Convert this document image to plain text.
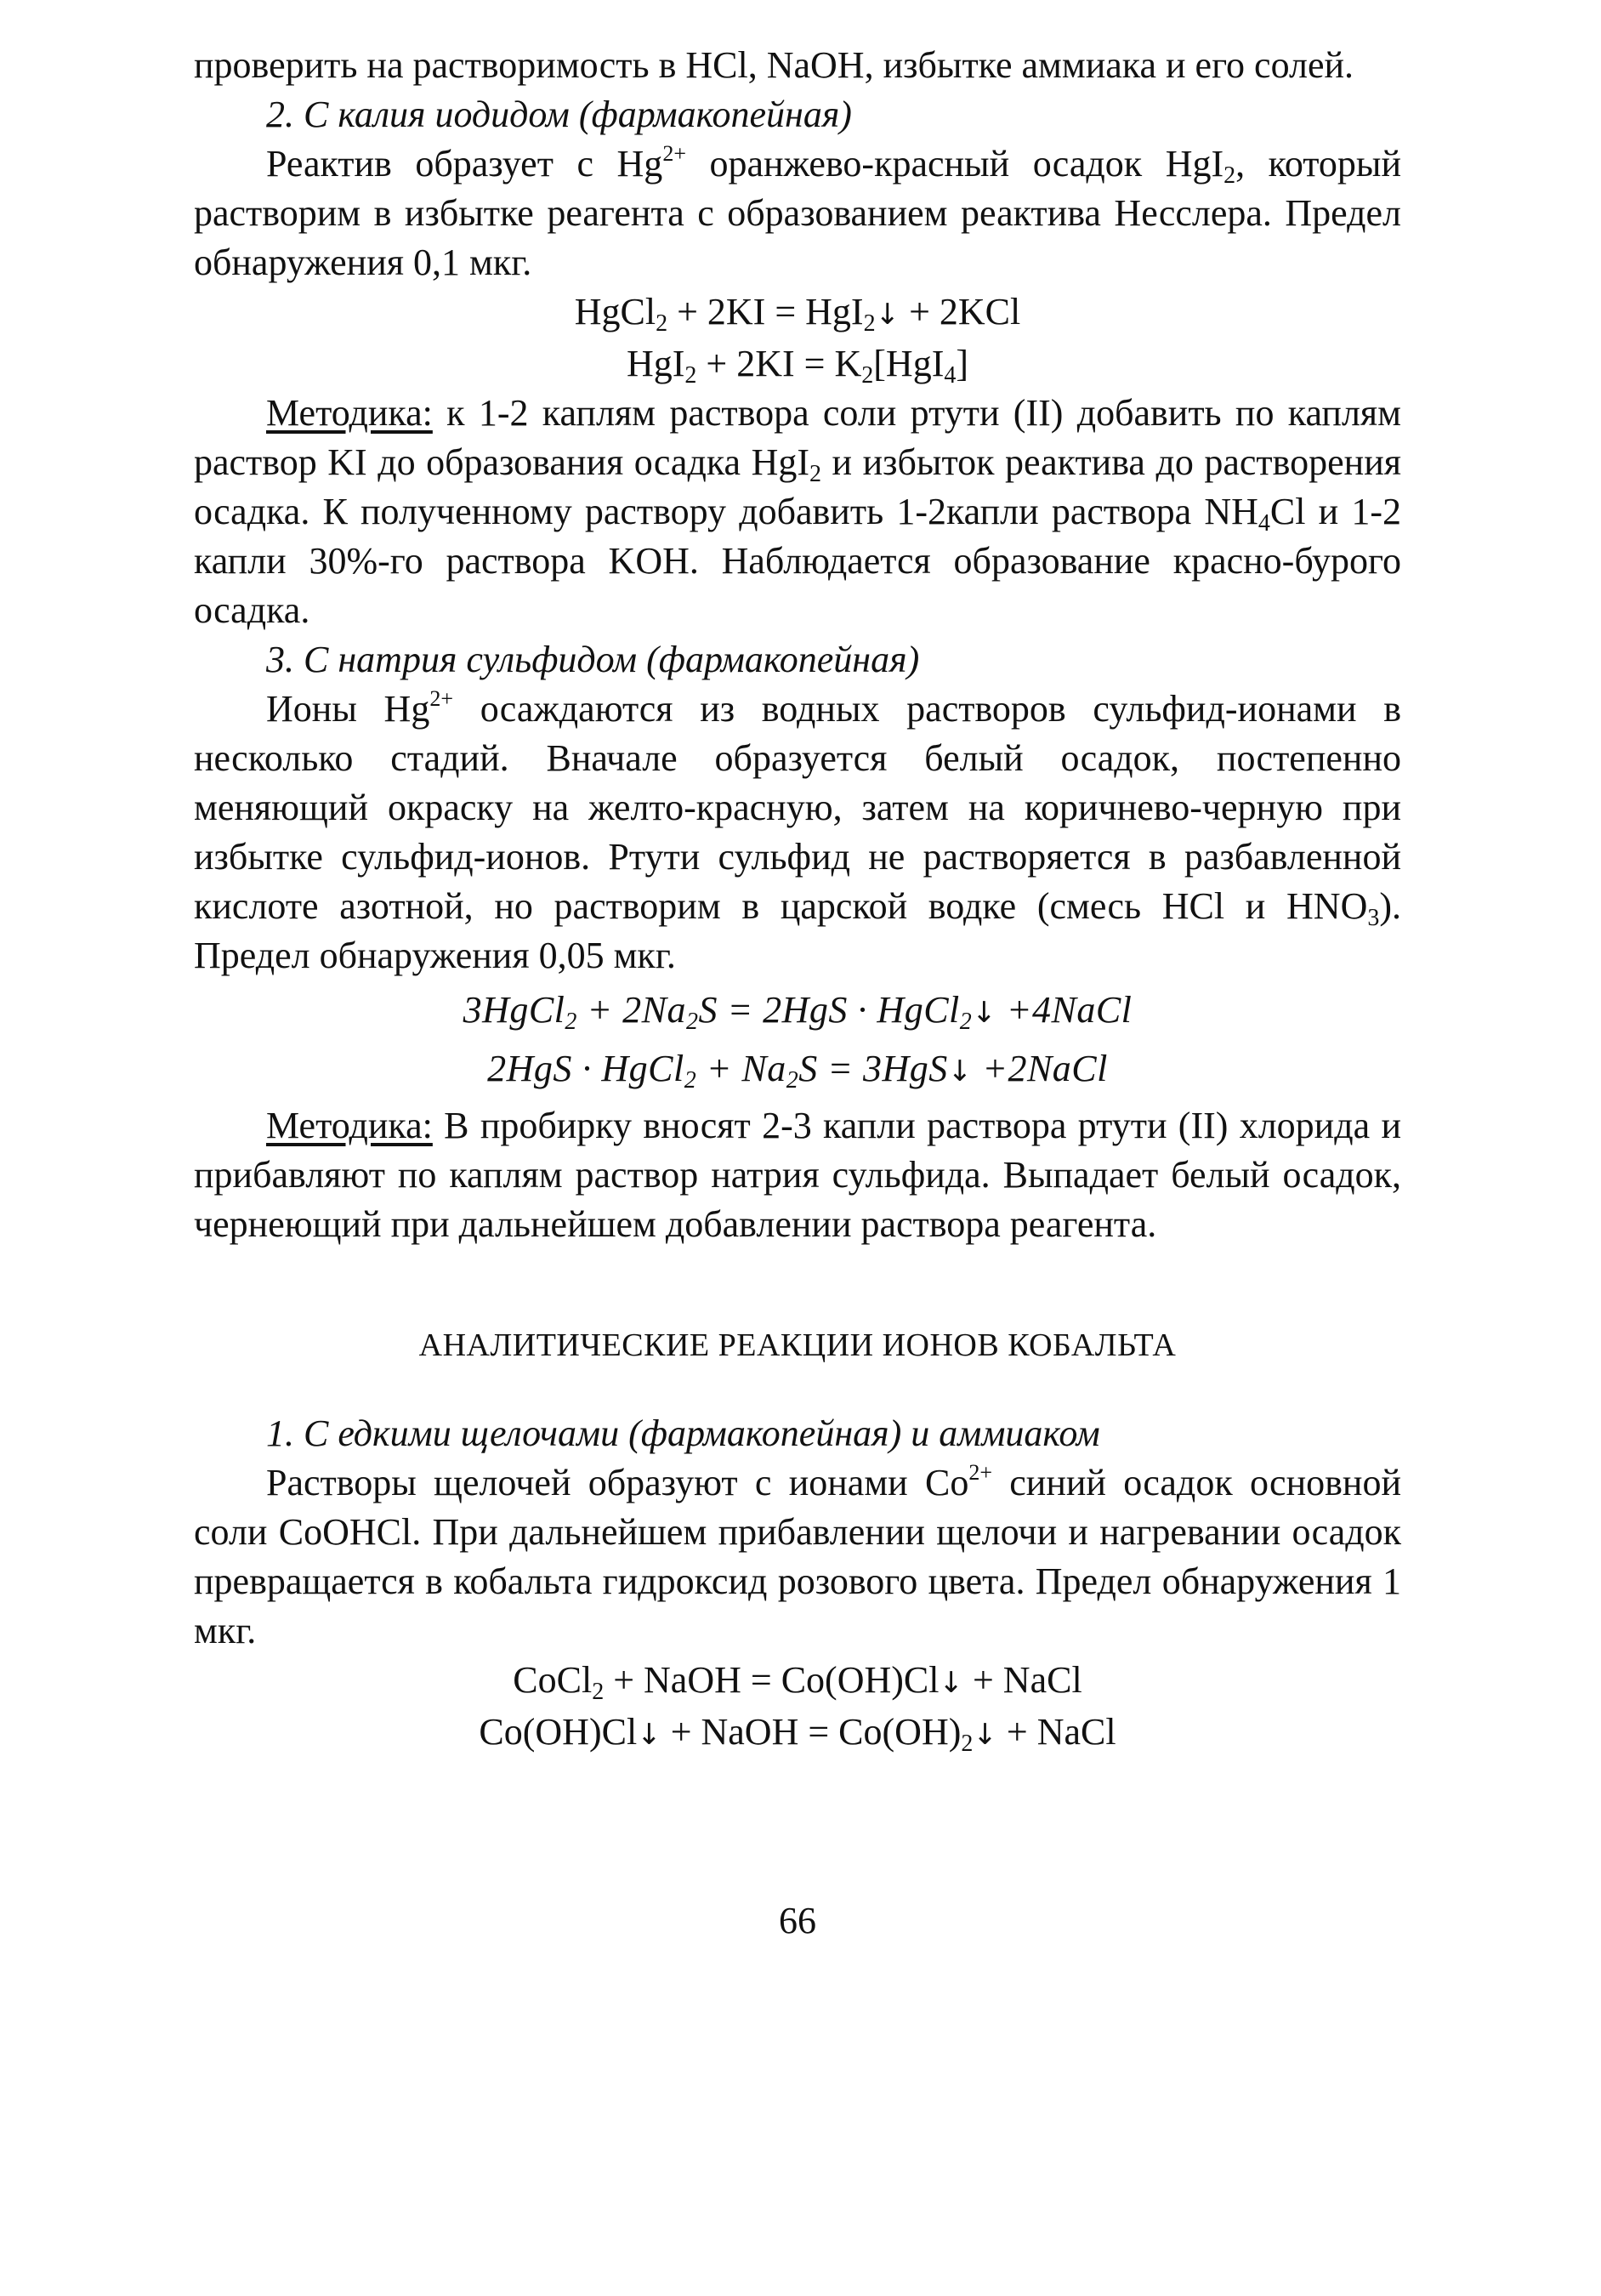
проверить на растворимость в HCl, NaOH, избытке аммиака и его солей.

2. С калия иодидом (фармакопейная)

Реактив образует с $Hg^{2+}$ оранжево-красный осадок HgI$_2$, который растворим в избытке реагента с образованием реактива Несслера. Предел обнаружения 0,1 мкг.

HgCl$_2$ + 2KI = HgI$_2$↓ + 2KCl

$HgI_2 + 2KI = K_2[HgI_4]$

Методика: к 1-2 каплям раствора соли ртути (II) добавить по каплям раствор KI до образования осадка HgI$_2$ и избыток реактива до растворения осадка. К полученному раствору добавить 1-2капли раствора $NH_4Cl$ и 1-2 капли 30%-го раствора KOH. Наблюдается образование красно-бурого осадка.

3. С натрия сульфидом (фармакопейная)

Ионы $Hg^{2+}$ осаждаются из водных растворов сульфид-ионами в несколько стадий. Вначале образуется белый осадок, постепенно меняющий окраску на желто-красную, затем на коричнево-черную при избытке сульфид-ионов. Ртути сульфид не растворяется в разбавленной кислоте азотной, но растворим в царской водке (смесь HCl и $HNO_3$). Предел обнаружения 0,05 мкг.

3HgCl$_2$ + $2Na_2S = 2HgS$ · HgCl$_2$↓ +4NaCl

2HgS · HgCl$_2$ + $Na_2S$ = 3HgS↓ +2NaCl

Методика: В пробирку вносят 2-3 капли раствора ртути (II) хлорида и прибавляют по каплям раствор натрия сульфида. Выпадает белый осадок, чернеющий при дальнейшем добавлении раствора реагента.

АНАЛИТИЧЕСКИЕ РЕАКЦИИ ИОНОВ КОБАЛЬТА

1. С едкими щелочами (фармакопейная) и аммиаком

Растворы щелочей образуют с ионами $Co^{2+}$ синий осадок основной соли CoOHCl. При дальнейшем прибавлении щелочи и нагревании осадок превращается в кобальта гидроксид розового цвета. Предел обнаружения 1 мкг.

CoCl$_2$ + NaOH = Co(OH)Cl↓ + NaCl

Co(OH)Cl↓ + NaOH = $Co(OH)_2↓$ + NaCl

66
